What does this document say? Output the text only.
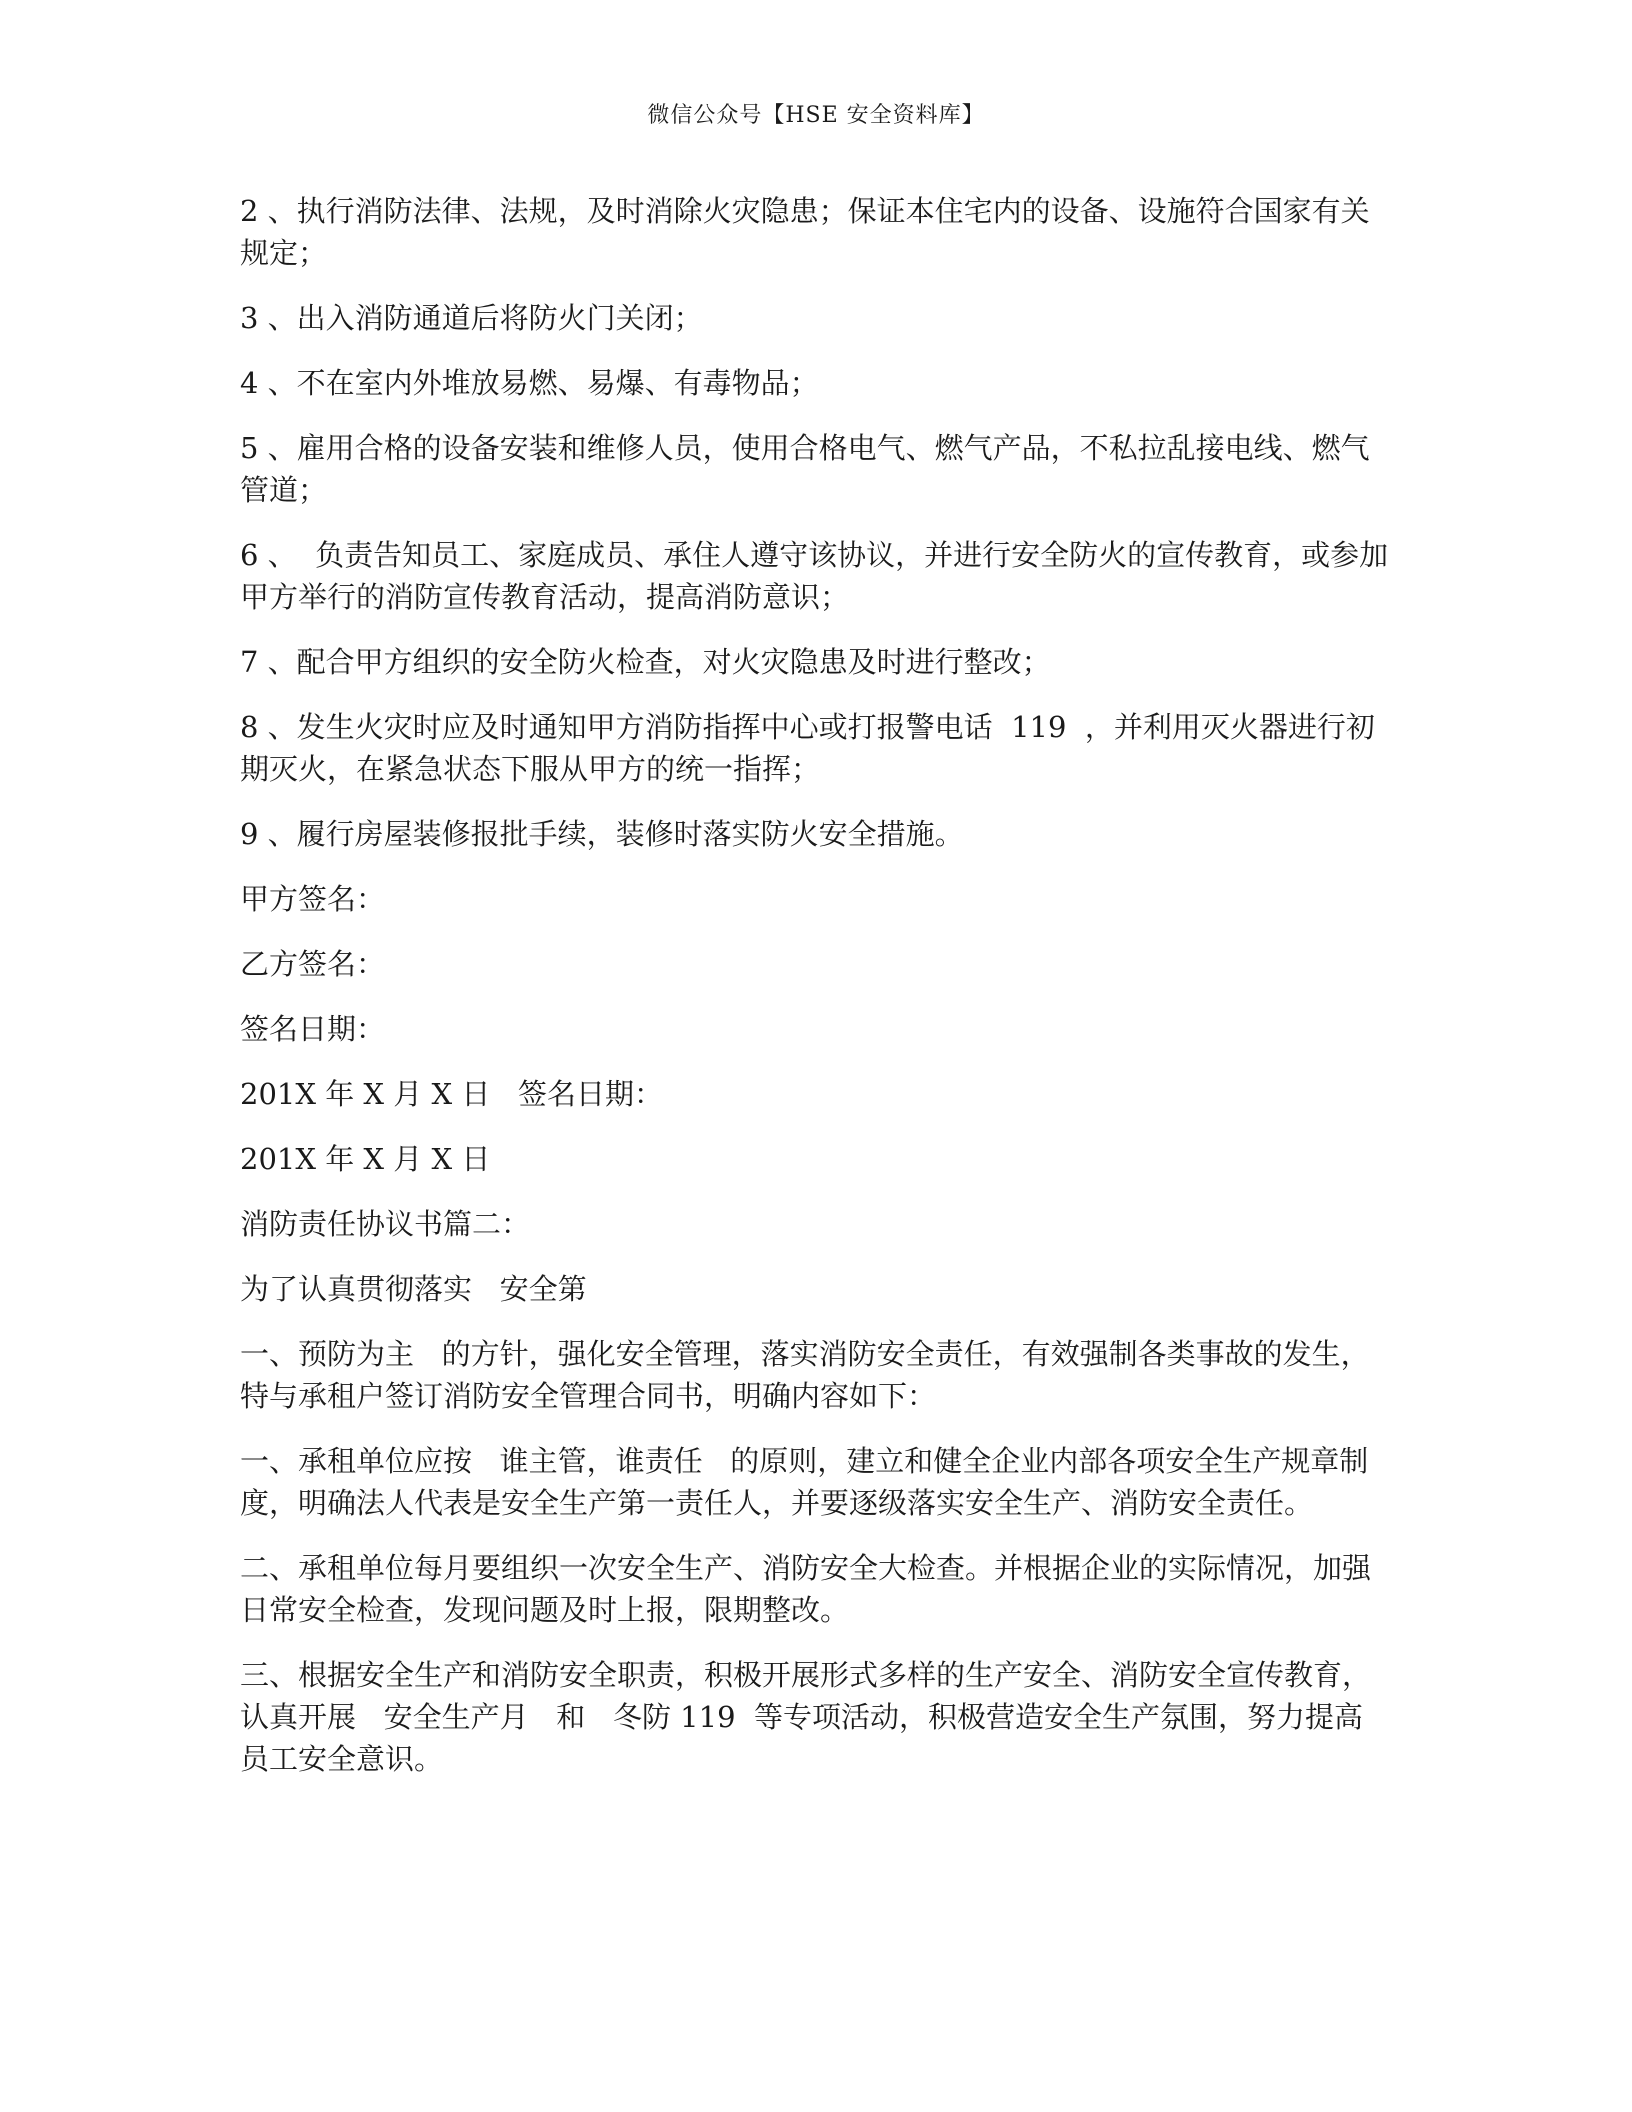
微信公众号【HSE 安全资料库】

2 、执行消防法律、法规，及时消除火灾隐患；保证本住宅内的设备、设施符合国家有关规定；

3 、出入消防通道后将防火门关闭；

4 、不在室内外堆放易燃、易爆、有毒物品；

5 、雇用合格的设备安装和维修人员，使用合格电气、燃气产品，不私拉乱接电线、燃气管道；

6 、  负责告知员工、家庭成员、承住人遵守该协议，并进行安全防火的宣传教育，或参加甲方举行的消防宣传教育活动，提高消防意识；

7 、配合甲方组织的安全防火检查，对火灾隐患及时进行整改；

8 、发生火灾时应及时通知甲方消防指挥中心或打报警电话  119  ，并利用灭火器进行初期灭火，在紧急状态下服从甲方的统一指挥；

9 、履行房屋装修报批手续，装修时落实防火安全措施。

甲方签名：

乙方签名：

签名日期：

201X 年 X 月 X 日   签名日期：

201X 年 X 月 X 日

消防责任协议书篇二：

为了认真贯彻落实   安全第

一、预防为主   的方针，强化安全管理，落实消防安全责任，有效强制各类事故的发生，特与承租户签订消防安全管理合同书，明确内容如下：

一、承租单位应按   谁主管，谁责任   的原则，建立和健全企业内部各项安全生产规章制度，明确法人代表是安全生产第一责任人，并要逐级落实安全生产、消防安全责任。

二、承租单位每月要组织一次安全生产、消防安全大检查。并根据企业的实际情况，加强日常安全检查，发现问题及时上报，限期整改。

三、根据安全生产和消防安全职责，积极开展形式多样的生产安全、消防安全宣传教育，认真开展   安全生产月   和   冬防 119  等专项活动，积极营造安全生产氛围，努力提高员工安全意识。
